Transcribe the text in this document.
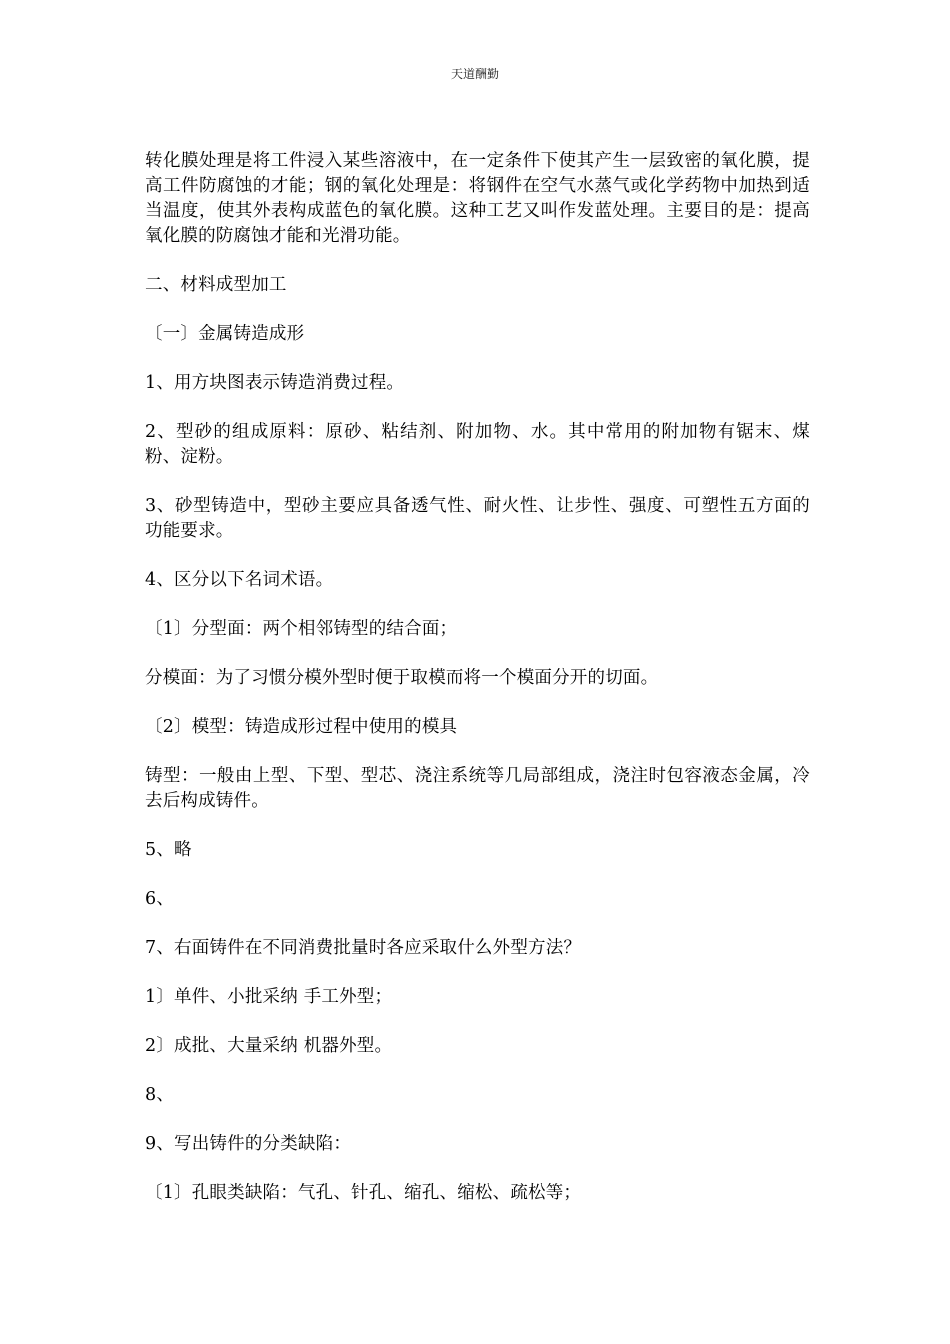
天道酬勤

转化膜处理是将工件浸入某些溶液中，在一定条件下使其产生一层致密的氧化膜，提高工件防腐蚀的才能；钢的氧化处理是：将钢件在空气水蒸气或化学药物中加热到适当温度，使其外表构成蓝色的氧化膜。这种工艺又叫作发蓝处理。主要目的是：提高氧化膜的防腐蚀才能和光滑功能。

二、材料成型加工

〔一〕金属铸造成形

1、用方块图表示铸造消费过程。

2、型砂的组成原料：原砂、粘结剂、附加物、水。其中常用的附加物有锯末、煤粉、淀粉。

3、砂型铸造中，型砂主要应具备透气性、耐火性、让步性、强度、可塑性五方面的功能要求。

4、区分以下名词术语。

〔1〕分型面：两个相邻铸型的结合面；

分模面：为了习惯分模外型时便于取模而将一个模面分开的切面。

〔2〕模型：铸造成形过程中使用的模具

铸型：一般由上型、下型、型芯、浇注系统等几局部组成，浇注时包容液态金属，冷去后构成铸件。

5、略

6、

7、右面铸件在不同消费批量时各应采取什么外型方法？

1〕单件、小批采纳 手工外型；

2〕成批、大量采纳 机器外型。

8、

9、写出铸件的分类缺陷：

〔1〕孔眼类缺陷：气孔、针孔、缩孔、缩松、疏松等；
